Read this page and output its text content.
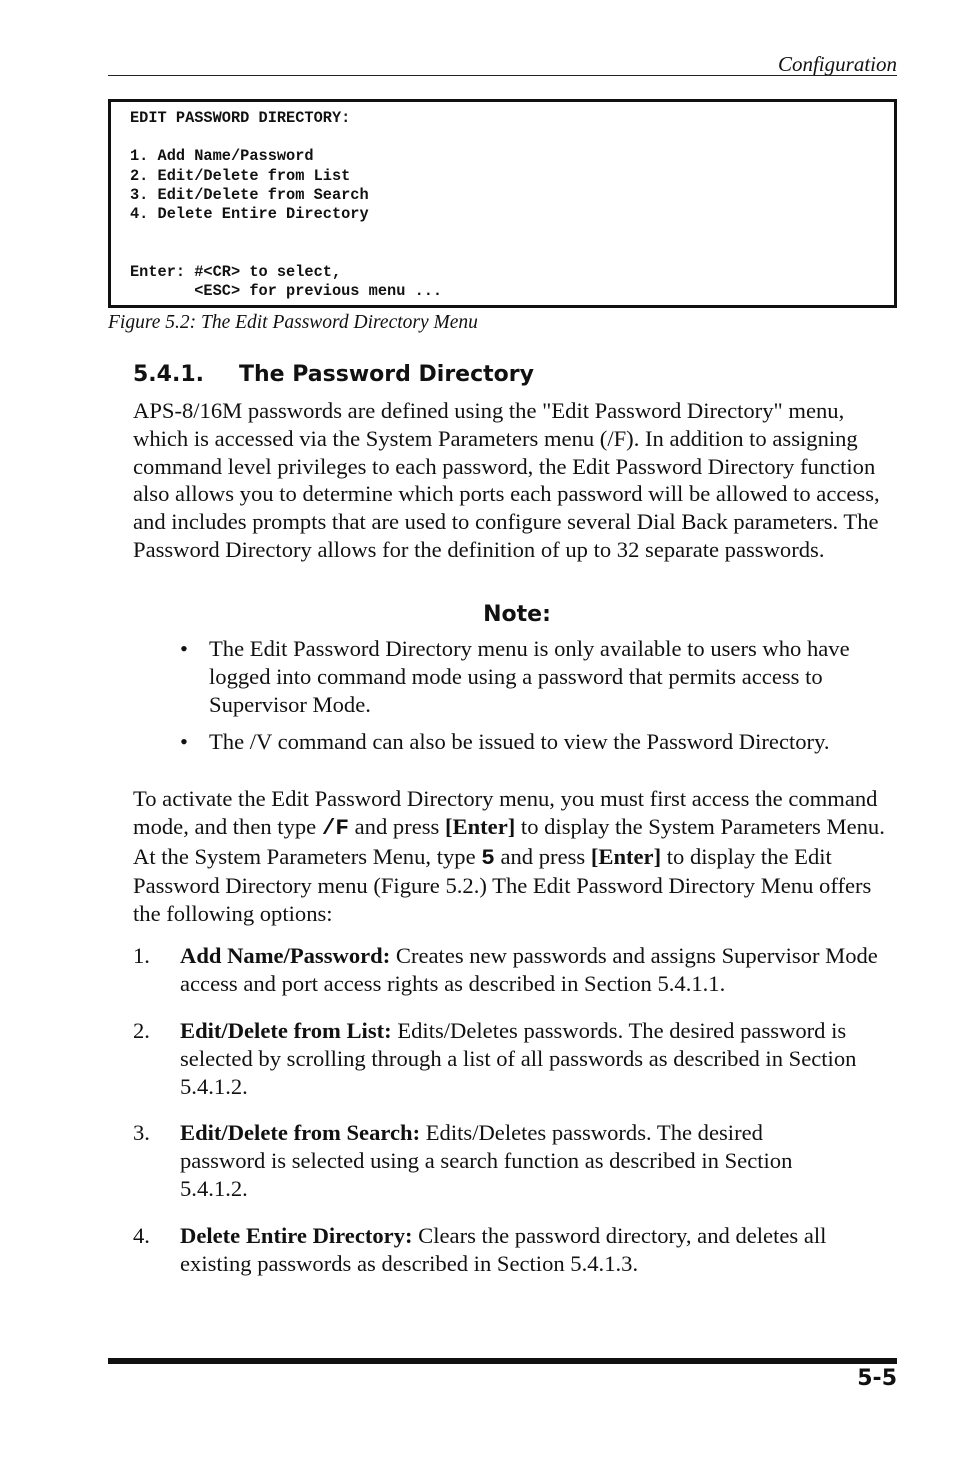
Configuration
EDIT PASSWORD DIRECTORY:

1. Add Name/Password
2. Edit/Delete from List
3. Edit/Delete from Search
4. Delete Entire Directory

Enter: #<CR> to select,
<ESC> for previous menu ...
Figure 5.2: The Edit Password Directory Menu
5.4.1. The Password Directory
APS-8/16M passwords are defined using the "Edit Password Directory" menu, which is accessed via the System Parameters menu (/F). In addition to assigning command level privileges to each password, the Edit Password Directory function also allows you to determine which ports each password will be allowed to access, and includes prompts that are used to configure several Dial Back parameters. The Password Directory allows for the definition of up to 32 separate passwords.
Note:
• The Edit Password Directory menu is only available to users who have logged into command mode using a password that permits access to Supervisor Mode.
• The /V command can also be issued to view the Password Directory.
To activate the Edit Password Directory menu, you must first access the command mode, and then type /F and press [Enter] to display the System Parameters Menu. At the System Parameters Menu, type 5 and press [Enter] to display the Edit Password Directory menu (Figure 5.2.) The Edit Password Directory Menu offers the following options:
1. Add Name/Password: Creates new passwords and assigns Supervisor Mode access and port access rights as described in Section 5.4.1.1.
2. Edit/Delete from List: Edits/Deletes passwords. The desired password is selected by scrolling through a list of all passwords as described in Section 5.4.1.2.
3. Edit/Delete from Search: Edits/Deletes passwords. The desired password is selected using a search function as described in Section 5.4.1.2.
4. Delete Entire Directory: Clears the password directory, and deletes all existing passwords as described in Section 5.4.1.3.
5-5
